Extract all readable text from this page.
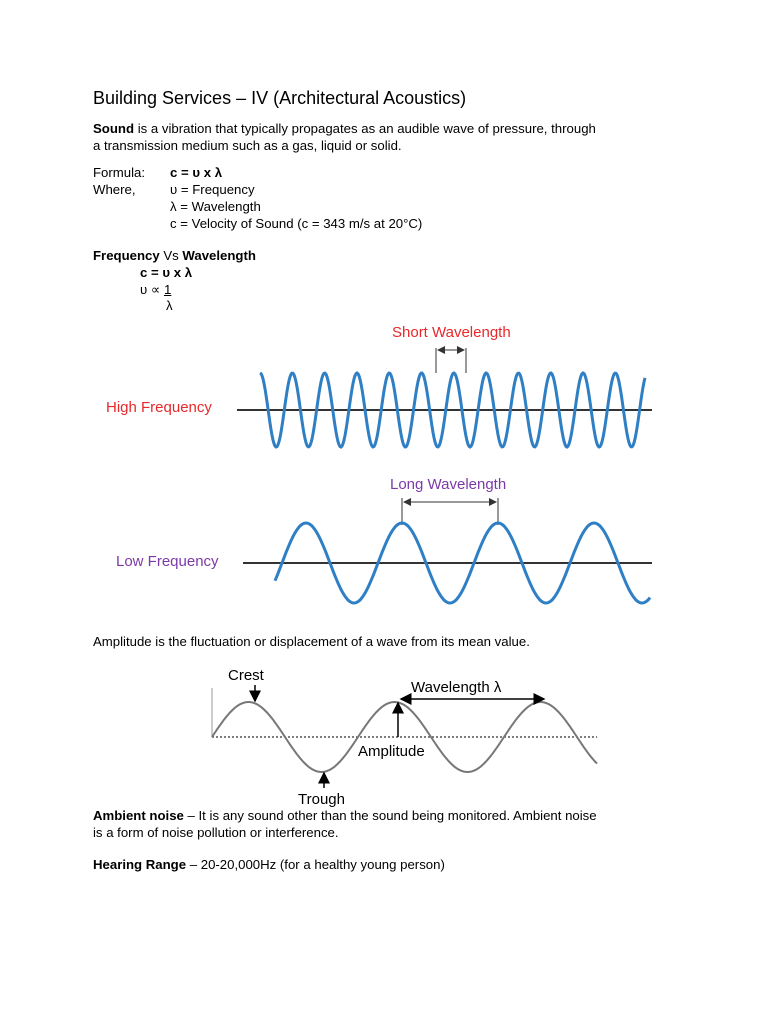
Building Services – IV (Architectural Acoustics)

Sound is a vibration that typically propagates as an audible wave of pressure, through
a transmission medium such as a gas, liquid or solid.

Formula: c = υ x λ
Where,	υ = Frequency
λ = Wavelength
c = Velocity of Sound (c = 343 m/s at 20°C)
Frequency Vs Wavelength
c = υ x λ
υ ∝ 1
λ
Short Wavelength
High Frequency
Long Wavelength
Low Frequency

Amplitude is the fluctuation or displacement of a wave from its mean value.

Crest
Wavelength λ
Amplitude
Trough

Ambient noise – It is any sound other than the sound being monitored. Ambient noise
is a form of noise pollution or interference.

Hearing Range – 20-20,000Hz (for a healthy young person)
